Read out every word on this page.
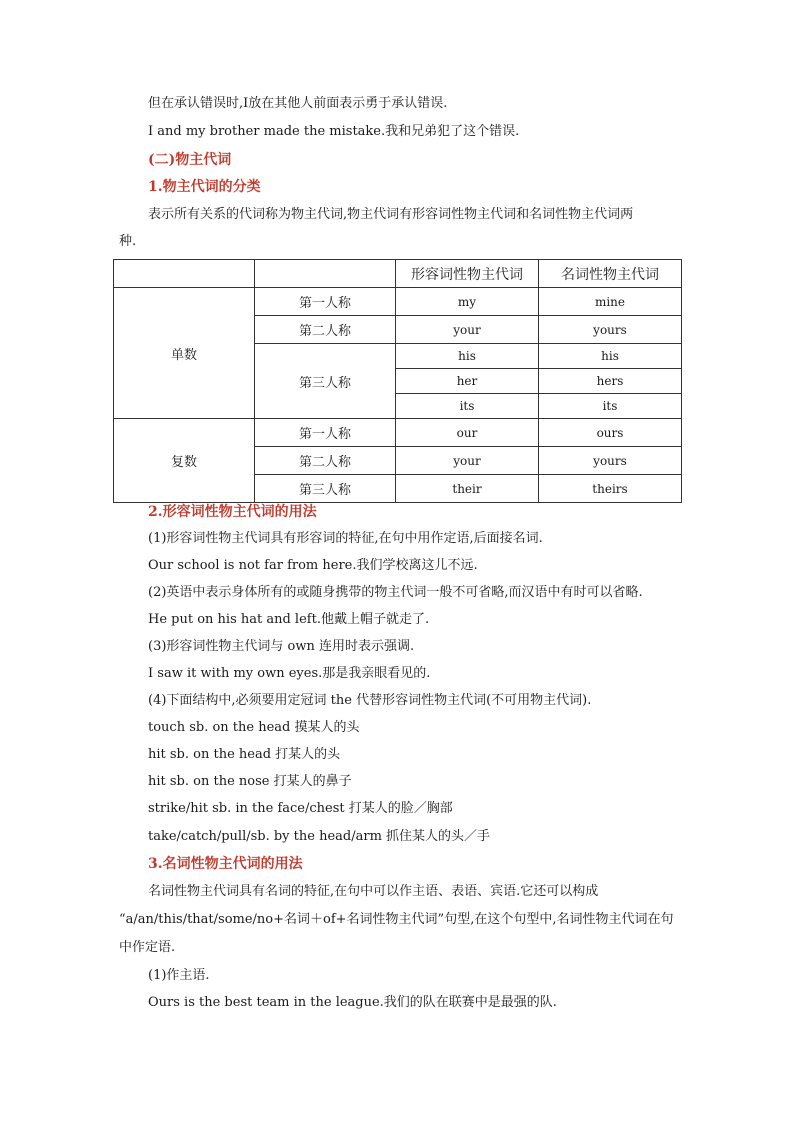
但在承认错误时,I放在其他人前面表示勇于承认错误.
I and my brother made the mistake.我和兄弟犯了这个错误.
(二)物主代词
1.物主代词的分类
表示所有关系的代词称为物主代词,物主代词有形容词性物主代词和名词性物主代词两
种.
		形容词性物主代词	名词性物主代词
单数	第一人称	my	mine
	第二人称	your	yours
	第三人称	his	his
		her	hers
		its	its
复数	第一人称	our	ours
	第二人称	your	yours
	第三人称	their	theirs
2.形容词性物主代词的用法
(1)形容词性物主代词具有形容词的特征,在句中用作定语,后面接名词.
Our school is not far from here.我们学校离这儿不远.
(2)英语中表示身体所有的或随身携带的物主代词一般不可省略,而汉语中有时可以省略.
He put on his hat and left.他戴上帽子就走了.
(3)形容词性物主代词与 own 连用时表示强调.
I saw it with my own eyes.那是我亲眼看见的.
(4)下面结构中,必须要用定冠词 the 代替形容词性物主代词(不可用物主代词).
touch sb. on the head 摸某人的头
hit sb. on the head 打某人的头
hit sb. on the nose 打某人的鼻子
strike/hit sb. in the face/chest 打某人的脸／胸部
take/catch/pull/sb. by the head/arm 抓住某人的头／手
3.名词性物主代词的用法
名词性物主代词具有名词的特征,在句中可以作主语、表语、宾语.它还可以构成
“a/an/this/that/some/no+名词＋of+名词性物主代词”句型,在这个句型中,名词性物主代词在句
中作定语.
(1)作主语.
Ours is the best team in the league.我们的队在联赛中是最强的队.
